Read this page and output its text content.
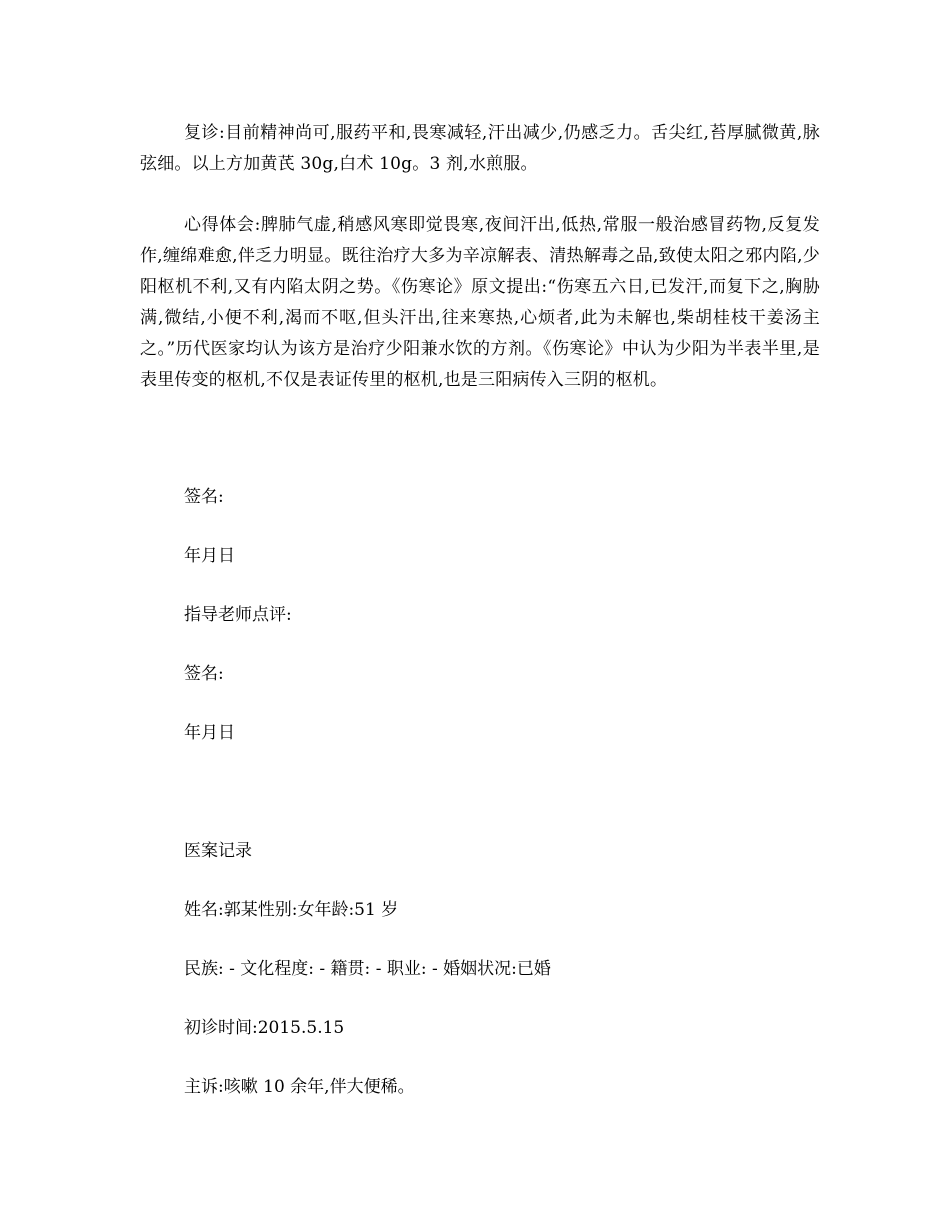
复诊:目前精神尚可,服药平和,畏寒减轻,汗出减少,仍感乏力。舌尖红,苔厚腻微黄,脉弦细。以上方加黄芪 30g,白术 10g。3 剂,水煎服。

心得体会:脾肺气虚,稍感风寒即觉畏寒,夜间汗出,低热,常服一般治感冒药物,反复发作,缠绵难愈,伴乏力明显。既往治疗大多为辛凉解表、清热解毒之品,致使太阳之邪内陷,少阳枢机不利,又有内陷太阴之势。《伤寒论》原文提出:“伤寒五六日,已发汗,而复下之,胸胁满,微结,小便不利,渴而不呕,但头汗出,往来寒热,心烦者,此为未解也,柴胡桂枝干姜汤主之。”历代医家均认为该方是治疗少阳兼水饮的方剂。《伤寒论》中认为少阳为半表半里,是表里传变的枢机,不仅是表证传里的枢机,也是三阳病传入三阴的枢机。

签名:

年月日

指导老师点评:

签名:

年月日

医案记录

姓名:郭某性别:女年龄:51 岁

民族: - 文化程度: - 籍贯: - 职业: - 婚姻状况:已婚

初诊时间:2015.5.15

主诉:咳嗽 10 余年,伴大便稀。
